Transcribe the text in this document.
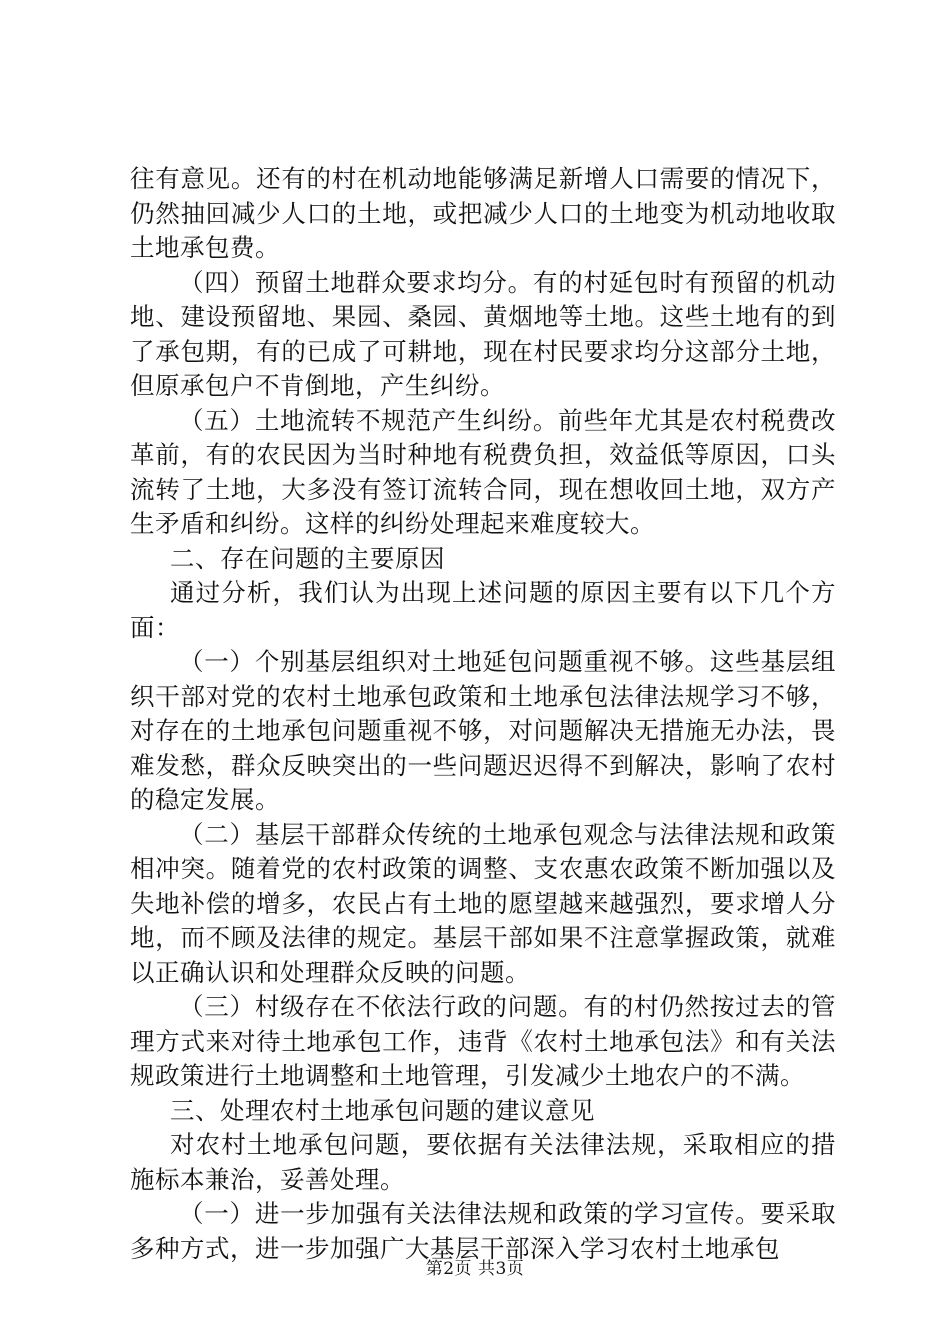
往有意见。还有的村在机动地能够满足新增人口需要的情况下，仍然抽回减少人口的土地，或把减少人口的土地变为机动地收取土地承包费。

（四）预留土地群众要求均分。有的村延包时有预留的机动地、建设预留地、果园、桑园、黄烟地等土地。这些土地有的到了承包期，有的已成了可耕地，现在村民要求均分这部分土地，但原承包户不肯倒地，产生纠纷。

（五）土地流转不规范产生纠纷。前些年尤其是农村税费改革前，有的农民因为当时种地有税费负担，效益低等原因，口头流转了土地，大多没有签订流转合同，现在想收回土地，双方产生矛盾和纠纷。这样的纠纷处理起来难度较大。

二、存在问题的主要原因

通过分析，我们认为出现上述问题的原因主要有以下几个方面：

（一）个别基层组织对土地延包问题重视不够。这些基层组织干部对党的农村土地承包政策和土地承包法律法规学习不够，对存在的土地承包问题重视不够，对问题解决无措施无办法，畏难发愁，群众反映突出的一些问题迟迟得不到解决，影响了农村的稳定发展。

（二）基层干部群众传统的土地承包观念与法律法规和政策相冲突。随着党的农村政策的调整、支农惠农政策不断加强以及失地补偿的增多，农民占有土地的愿望越来越强烈，要求增人分地，而不顾及法律的规定。基层干部如果不注意掌握政策，就难以正确认识和处理群众反映的问题。

（三）村级存在不依法行政的问题。有的村仍然按过去的管理方式来对待土地承包工作，违背《农村土地承包法》和有关法规政策进行土地调整和土地管理，引发减少土地农户的不满。

三、处理农村土地承包问题的建议意见

对农村土地承包问题，要依据有关法律法规，采取相应的措施标本兼治，妥善处理。

（一）进一步加强有关法律法规和政策的学习宣传。要采取多种方式，进一步加强广大基层干部深入学习农村土地承包

第2页 共3页
